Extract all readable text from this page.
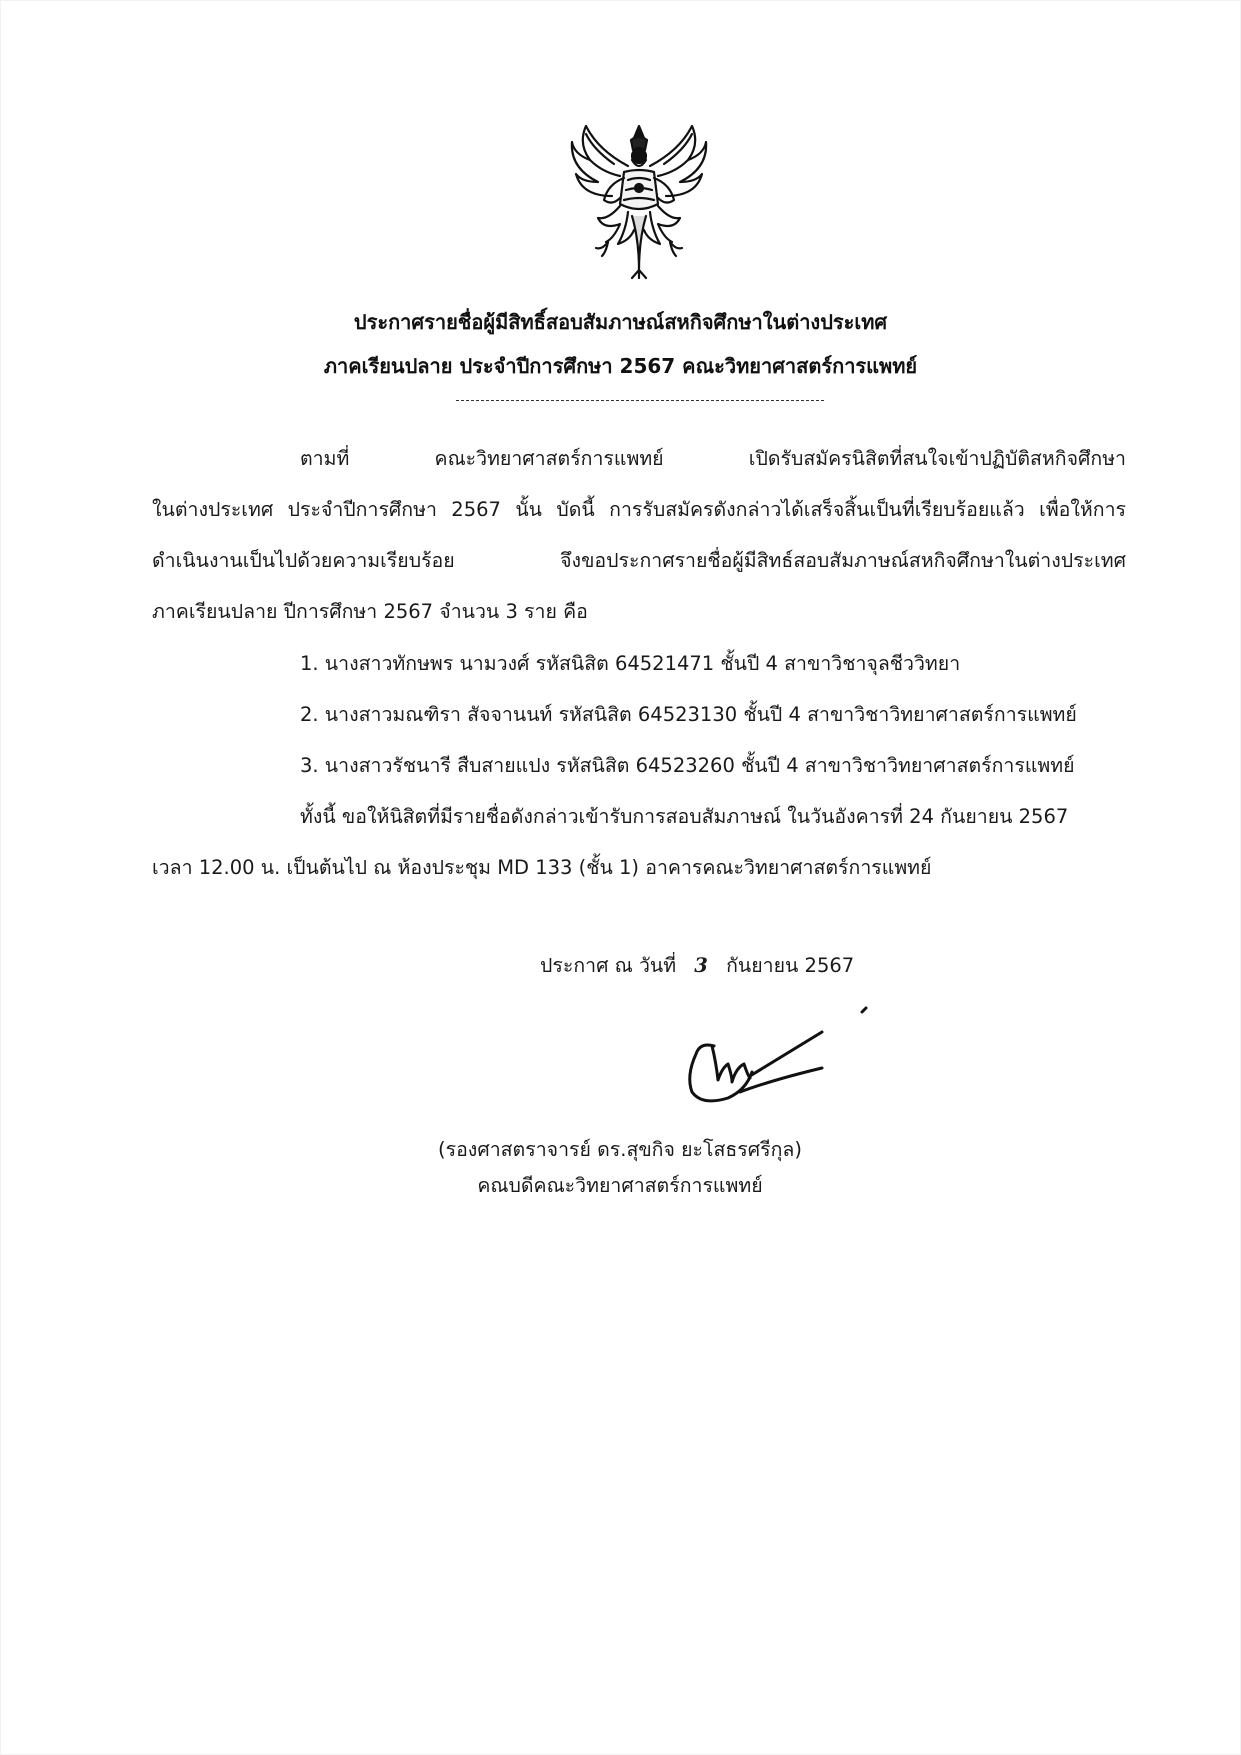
ประกาศรายชื่อผู้มีสิทธิ์สอบสัมภาษณ์สหกิจศึกษาในต่างประเทศ
ภาคเรียนปลาย ประจำปีการศึกษา 2567 คณะวิทยาศาสตร์การแพทย์
ตามที่ คณะวิทยาศาสตร์การแพทย์ เปิดรับสมัครนิสิตที่สนใจเข้าปฏิบัติสหกิจศึกษา
ในต่างประเทศ ประจำปีการศึกษา 2567 นั้น บัดนี้ การรับสมัครดังกล่าวได้เสร็จสิ้นเป็นที่เรียบร้อยแล้ว เพื่อให้การ
ดำเนินงานเป็นไปด้วยความเรียบร้อย จึงขอประกาศรายชื่อผู้มีสิทธ์สอบสัมภาษณ์สหกิจศึกษาในต่างประเทศ
ภาคเรียนปลาย ปีการศึกษา 2567 จำนวน 3 ราย คือ
1. นางสาวทักษพร นามวงศ์ รหัสนิสิต 64521471 ชั้นปี 4 สาขาวิชาจุลชีววิทยา
2. นางสาวมณฑิรา สัจจานนท์ รหัสนิสิต 64523130 ชั้นปี 4 สาขาวิชาวิทยาศาสตร์การแพทย์
3. นางสาวรัชนารี สืบสายแปง รหัสนิสิต 64523260 ชั้นปี 4 สาขาวิชาวิทยาศาสตร์การแพทย์
ทั้งนี้ ขอให้นิสิตที่มีรายชื่อดังกล่าวเข้ารับการสอบสัมภาษณ์ ในวันอังคารที่ 24 กันยายน 2567
เวลา 12.00 น. เป็นต้นไป ณ ห้องประชุม MD 133 (ชั้น 1) อาคารคณะวิทยาศาสตร์การแพทย์
ประกาศ ณ วันที่ 3 กันยายน 2567
(รองศาสตราจารย์ ดร.สุขกิจ ยะโสธรศรีกุล)
คณบดีคณะวิทยาศาสตร์การแพทย์
